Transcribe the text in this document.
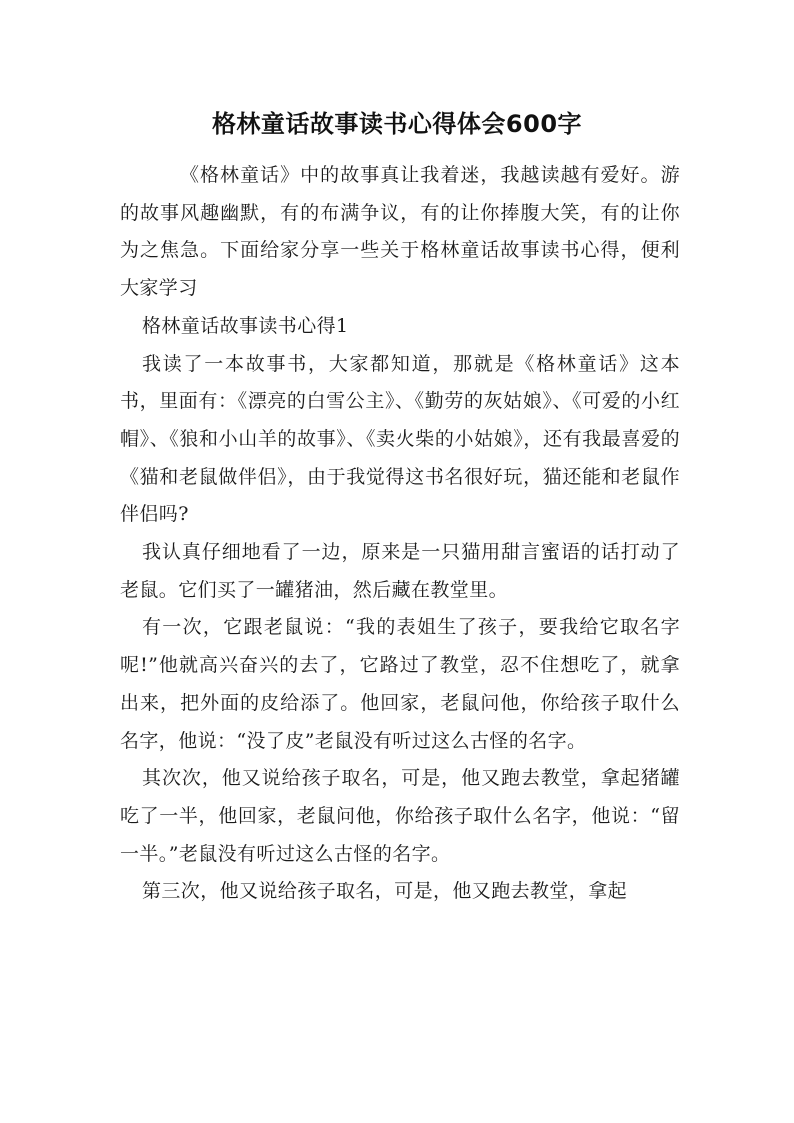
格林童话故事读书心得体会600字

《格林童话》中的故事真让我着迷，我越读越有爱好。游的故事风趣幽默，有的布满争议，有的让你捧腹大笑，有的让你为之焦急。下面给家分享一些关于格林童话故事读书心得，便利大家学习

格林童话故事读书心得1

我读了一本故事书，大家都知道，那就是《格林童话》这本书，里面有：《漂亮的白雪公主》、《勤劳的灰姑娘》、《可爱的小红帽》、《狼和小山羊的故事》、《卖火柴的小姑娘》，还有我最喜爱的《猫和老鼠做伴侣》，由于我觉得这书名很好玩，猫还能和老鼠作伴侣吗?

我认真仔细地看了一边，原来是一只猫用甜言蜜语的话打动了老鼠。它们买了一罐猪油，然后藏在教堂里。

有一次，它跟老鼠说：“我的表姐生了孩子，要我给它取名字呢!”他就高兴奋兴的去了，它路过了教堂，忍不住想吃了，就拿出来，把外面的皮给添了。他回家，老鼠问他，你给孩子取什么名字，他说：“没了皮”老鼠没有听过这么古怪的名字。

其次次，他又说给孩子取名，可是，他又跑去教堂，拿起猪罐吃了一半，他回家，老鼠问他，你给孩子取什么名字，他说：“留一半。”老鼠没有听过这么古怪的名字。

第三次，他又说给孩子取名，可是，他又跑去教堂，拿起
